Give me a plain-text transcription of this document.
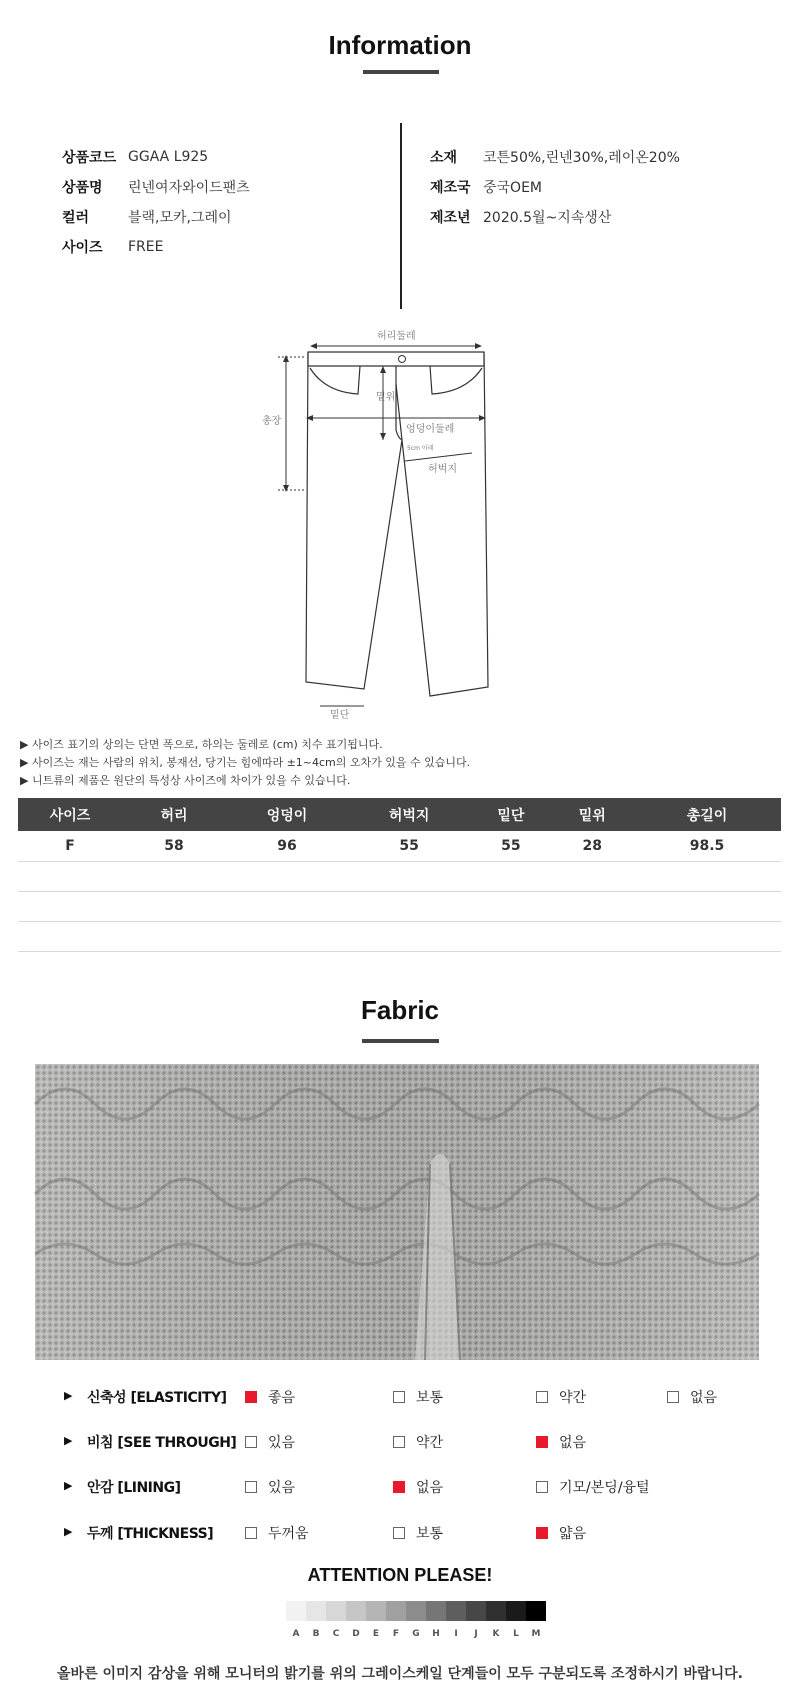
Information
상품코드 GGAA L925
상품명	린넨여자와이드팬츠
컬러	블랙,모카,그레이
사이즈	FREE
소재	코튼50%,린넨30%,레이온20%
제조국 중국OEM
제조년 2020.5월~지속생산
허리둘레
밑위
엉덩이둘레
5cm 아래
허벅지
총장
밑단
▶ 사이즈 표기의 상의는 단면 폭으로, 하의는 둘레로 (cm) 치수 표기됩니다.
▶ 사이즈는 재는 사람의 위치, 봉재선, 당기는 힘에따라 ±1~4cm의 오차가 있을 수 있습니다.
▶ 니트류의 제품은 원단의 특성상 사이즈에 차이가 있을 수 있습니다.
사이즈	허리	엉덩이	허벅지	밑단	밑위	총길이
F	58	96	55	55	28	98.5

Fabric
▶ 신축성 [ELASTICITY]	좋음	보통	약간	없음
▶ 비침 [SEE THROUGH] 있음	약간	없음
▶ 안감 [LINING]	있음	없음	기모/본딩/융털
▶ 두께 [THICKNESS]	두꺼움	보통	얇음
ATTENTION PLEASE!
A	B	C	D	E	F	G	H	I	J	K	L	M
올바른 이미지 감상을 위해 모니터의 밝기를 위의 그레이스케일 단계들이 모두 구분되도록 조정하시기 바랍니다.
